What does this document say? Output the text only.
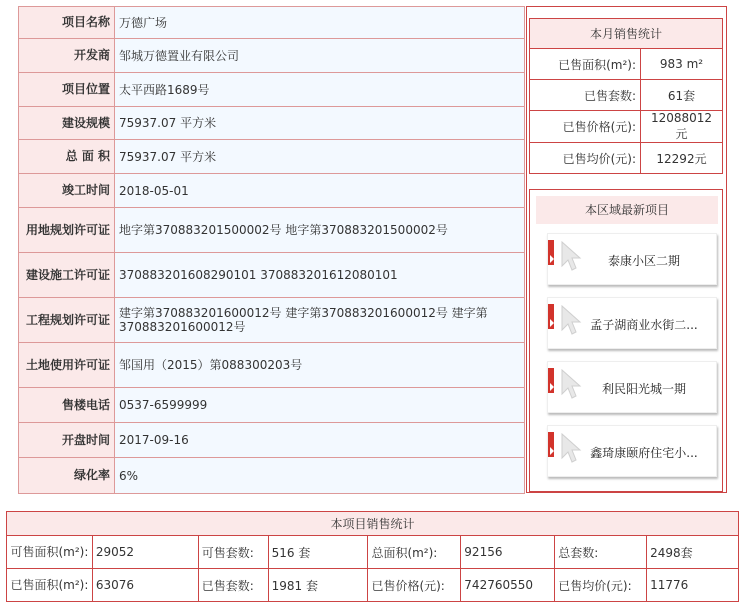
项目名称	万德广场
开发商	邹城万德置业有限公司
项目位置	太平西路1689号
建设规模	75937.07 平方米
总 面 积	75937.07 平方米
竣工时间	2018-05-01
用地规划许可证	地字第370883201500002号 地字第370883201500002号
建设施工许可证	370883201608290101 370883201612080101
工程规划许可证	建字第370883201600012号 建字第370883201600012号 建字第370883201600012号
土地使用许可证	邹国用（2015）第088300203号
售楼电话	0537-6599999
开盘时间	2017-09-16
绿化率	6%
本月销售统计	
已售面积(m²):	983 m²
已售套数:	61套
已售价格(元):	12088012元
已售均价(元):	12292元
本区域最新项目
泰康小区二期
孟子湖商业水街二...
利民阳光城一期
鑫琦康颐府住宅小...
本项目销售统计							
可售面积(m²):	29052	可售套数:	516 套	总面积(m²):	92156	总套数:	2498套
已售面积(m²):	63076	已售套数:	1981 套	已售价格(元):	742760550	已售均价(元):	11776
